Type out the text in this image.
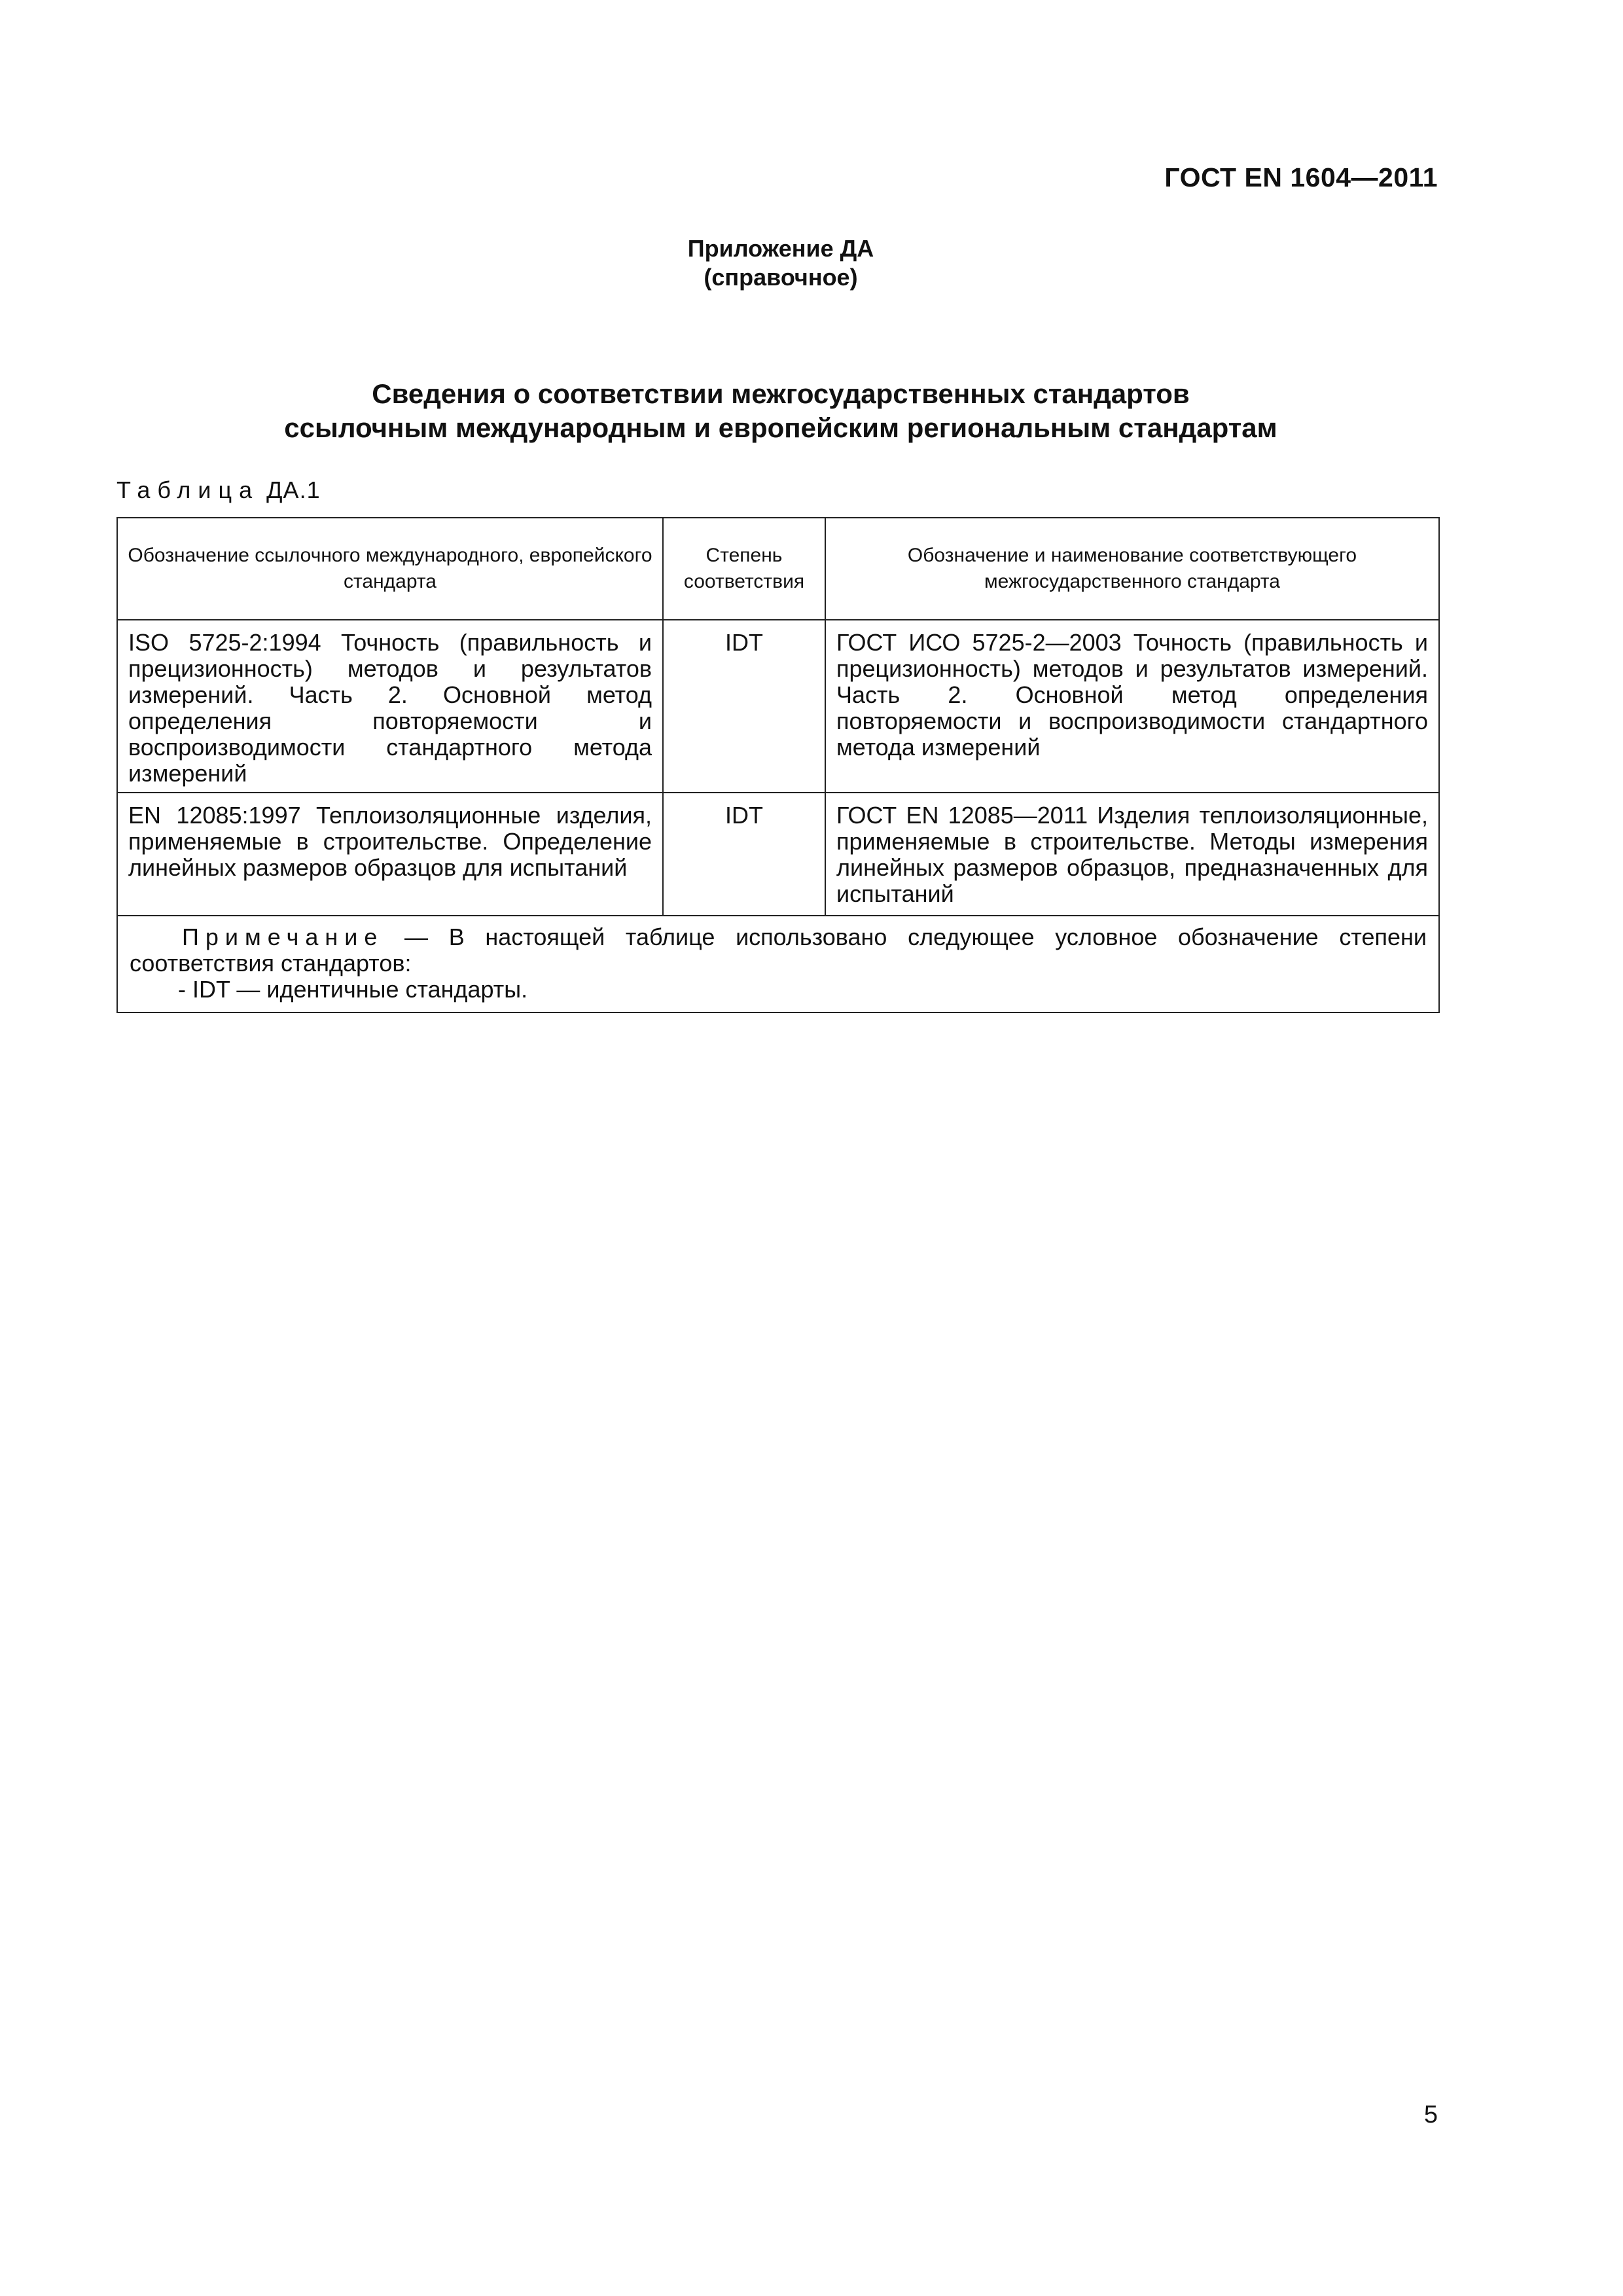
ГОСТ EN 1604—2011
Приложение ДА
(справочное)
Сведения о соответствии межгосударственных стандартов
ссылочным международным и европейским региональным стандартам
Таблица ДА.1
Обозначение ссылочного международного, европейского стандарта	Степень соответствия	Обозначение и наименование соответствующего межгосударственного стандарта
ISO 5725-2:1994 Точность (правильность и прецизионность) методов и результатов измерений. Часть 2. Основной метод определения повторяемости и воспроизводимости стандартного метода измерений	IDT	ГОСТ ИСО 5725-2—2003 Точность (правильность и прецизионность) методов и результатов измерений. Часть 2. Основной метод определения повторяемости и воспроизводимости стандартного метода измерений
EN 12085:1997 Теплоизоляционные изделия, применяемые в строительстве. Определение линейных размеров образцов для испытаний	IDT	ГОСТ EN 12085—2011 Изделия теплоизоляционные, применяемые в строительстве. Методы измерения линейных размеров образцов, предназначенных для испытаний
Примечание — В настоящей таблице использовано следующее условное обозначение степени соответствия стандартов:
- IDT — идентичные стандарты.		
5
